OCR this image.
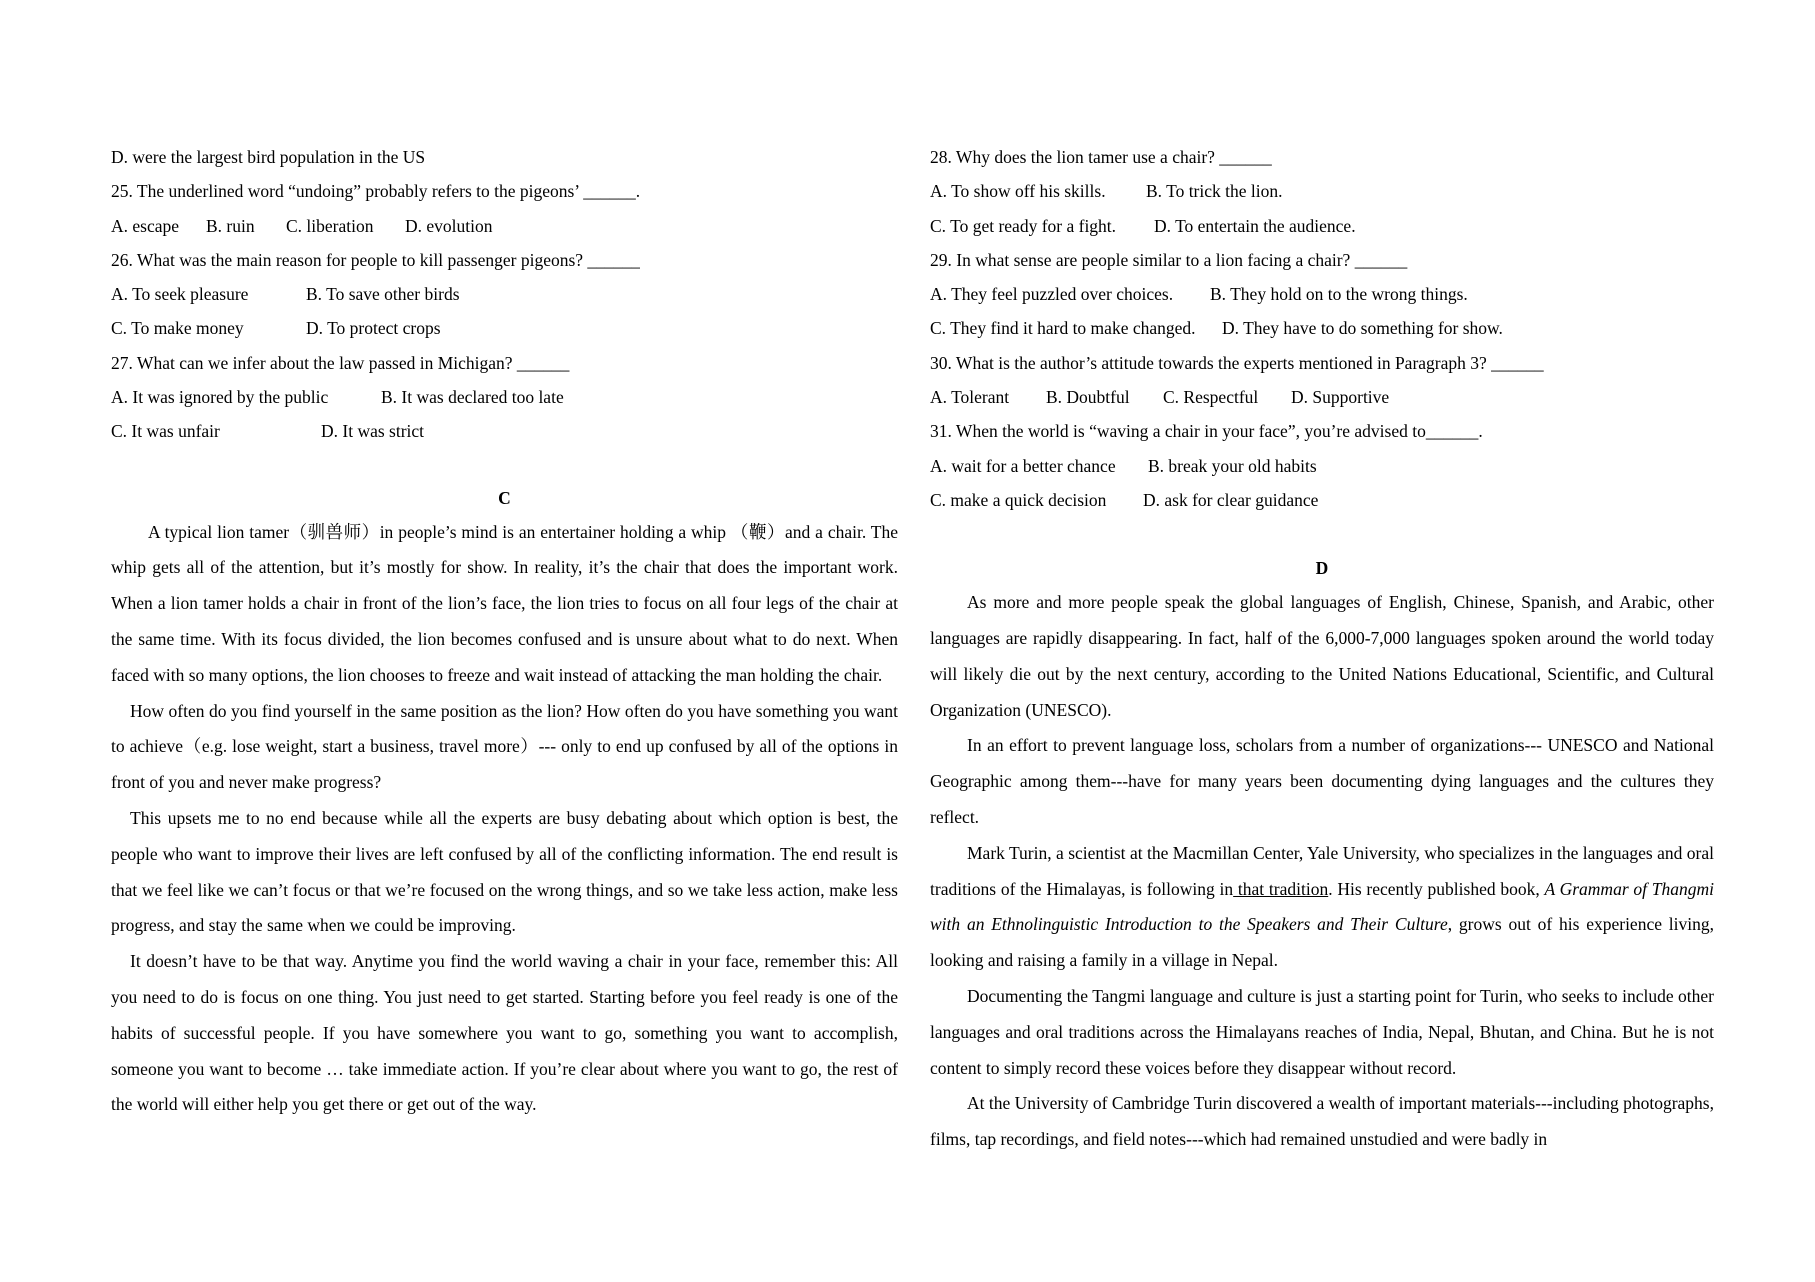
D. were the largest bird population in the US
25. The underlined word “undoing” probably refers to the pigeons’ ______.
A. escape B. ruin C. liberation D. evolution
26. What was the main reason for people to kill passenger pigeons? ______
A. To seek pleasure	B. To save other birds
C. To make money	D. To protect crops
27. What can we infer about the law passed in Michigan? ______
A. It was ignored by the public	B. It was declared too late
C. It was unfair	D. It was strict
C

A typical lion tamer（驯兽师）in people’s mind is an entertainer holding a whip （鞭）and a chair. The whip gets all of the attention, but it’s mostly for show. In reality, it’s the chair that does the important work. When a lion tamer holds a chair in front of the lion’s face, the lion tries to focus on all four legs of the chair at the same time. With its focus divided, the lion becomes confused and is unsure about what to do next. When faced with so many options, the lion chooses to freeze and wait instead of attacking the man holding the chair.

How often do you find yourself in the same position as the lion? How often do you have something you want to achieve（e.g. lose weight, start a business, travel more）--- only to end up confused by all of the options in front of you and never make progress?

This upsets me to no end because while all the experts are busy debating about which option is best, the people who want to improve their lives are left confused by all of the conflicting information. The end result is that we feel like we can’t focus or that we’re focused on the wrong things, and so we take less action, make less progress, and stay the same when we could be improving.

It doesn’t have to be that way. Anytime you find the world waving a chair in your face, remember this: All you need to do is focus on one thing. You just need to get started. Starting before you feel ready is one of the habits of successful people. If you have somewhere you want to go, something you want to accomplish, someone you want to become … take immediate action. If you’re clear about where you want to go, the rest of the world will either help you get there or get out of the way.

28. Why does the lion tamer use a chair? ______
A. To show off his skills. B. To trick the lion.
C. To get ready for a fight. D. To entertain the audience.
29. In what sense are people similar to a lion facing a chair? ______
A. They feel puzzled over choices. B. They hold on to the wrong things.
C. They find it hard to make changed. D. They have to do something for show.
30. What is the author’s attitude towards the experts mentioned in Paragraph 3? ______
A. Tolerant B. Doubtful C. Respectful D. Supportive
31. When the world is “waving a chair in your face”, you’re advised to______.
A. wait for a better chance B. break your old habits
C. make a quick decision D. ask for clear guidance
D

As more and more people speak the global languages of English, Chinese, Spanish, and Arabic, other languages are rapidly disappearing. In fact, half of the 6,000-7,000 languages spoken around the world today will likely die out by the next century, according to the United Nations Educational, Scientific, and Cultural Organization (UNESCO).

In an effort to prevent language loss, scholars from a number of organizations--- UNESCO and National Geographic among them---have for many years been documenting dying languages and the cultures they reflect.

Mark Turin, a scientist at the Macmillan Center, Yale University, who specializes in the languages and oral traditions of the Himalayas, is following in that tradition. His recently published book, A Grammar of Thangmi with an Ethnolinguistic Introduction to the Speakers and Their Culture, grows out of his experience living, looking and raising a family in a village in Nepal.

Documenting the Tangmi language and culture is just a starting point for Turin, who seeks to include other languages and oral traditions across the Himalayans reaches of India, Nepal, Bhutan, and China. But he is not content to simply record these voices before they disappear without record.

At the University of Cambridge Turin discovered a wealth of important materials---including photographs, films, tap recordings, and field notes---which had remained unstudied and were badly in
